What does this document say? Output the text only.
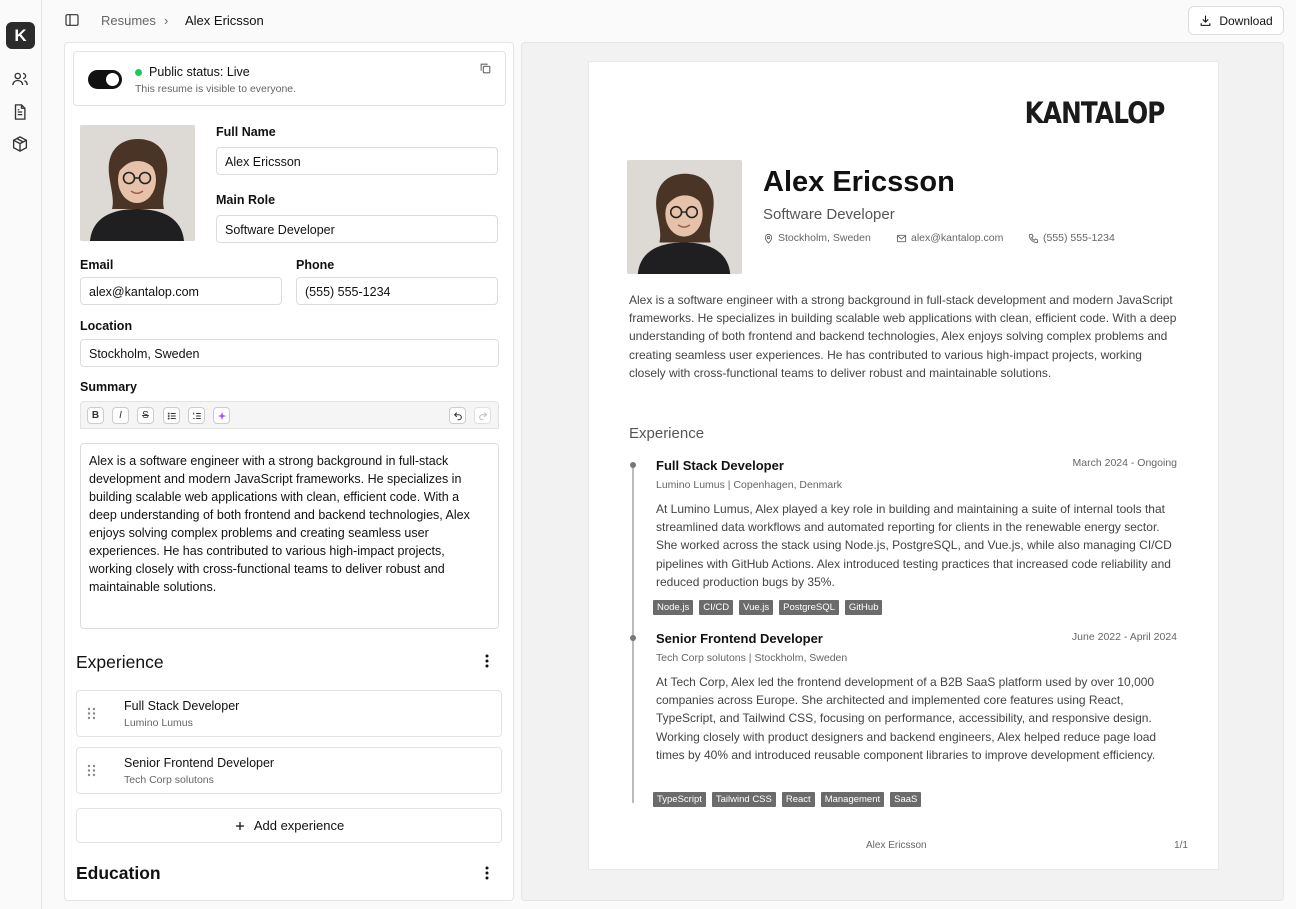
K
Resumes › Alex Ericsson	Download
Public status: Live
This resume is visible to everyone.
Full Name
Alex Ericsson
Main Role
Software Developer
Email
alex@kantalop.com
Phone
(555) 555-1234
Location
Stockholm, Sweden
Summary
B	I	S
Alex is a software engineer with a strong background in full-stack development and modern JavaScript frameworks. He specializes in building scalable web applications with clean, efficient code. With a deep understanding of both frontend and backend technologies, Alex enjoys solving complex problems and creating seamless user experiences. He has contributed to various high-impact projects, working closely with cross-functional teams to deliver robust and maintainable solutions.
Experience
Full Stack Developer
Lumino Lumus
Senior Frontend Developer
Tech Corp solutons
Add experience
Education
KANTALOP
Alex Ericsson
Software Developer
Stockholm, Sweden	alex@kantalop.com	(555) 555-1234

Alex is a software engineer with a strong background in full-stack development and modern JavaScript frameworks. He specializes in building scalable web applications with clean, efficient code. With a deep understanding of both frontend and backend technologies, Alex enjoys solving complex problems and creating seamless user experiences. He has contributed to various high-impact projects, working closely with cross-functional teams to deliver robust and maintainable solutions.

Experience
Full Stack Developer	March 2024 - Ongoing
Lumino Lumus | Copenhagen, Denmark

At Lumino Lumus, Alex played a key role in building and maintaining a suite of internal tools that streamlined data workflows and automated reporting for clients in the renewable energy sector. She worked across the stack using Node.js, PostgreSQL, and Vue.js, while also managing CI/CD pipelines with GitHub Actions. Alex introduced testing practices that increased code reliability and reduced production bugs by 35%.

Node.js	CI/CD	Vue.js	PostgreSQL	GitHub
Senior Frontend Developer	June 2022 - April 2024
Tech Corp solutons | Stockholm, Sweden

At Tech Corp, Alex led the frontend development of a B2B SaaS platform used by over 10,000 companies across Europe. She architected and implemented core features using React, TypeScript, and Tailwind CSS, focusing on performance, accessibility, and responsive design. Working closely with product designers and backend engineers, Alex helped reduce page load times by 40% and introduced reusable component libraries to improve development efficiency.

TypeScript	Tailwind CSS	React	Management	SaaS
Alex Ericsson	1/1
